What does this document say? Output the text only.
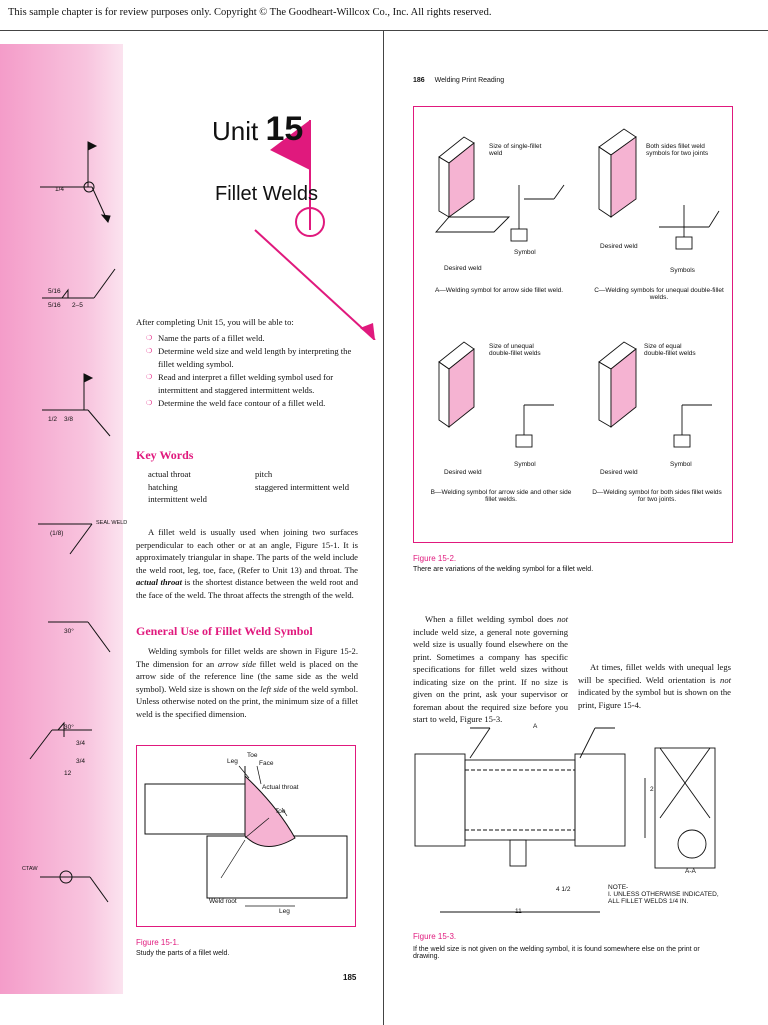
This sample chapter is for review purposes only. Copyright © The Goodheart-Willcox Co., Inc. All rights reserved.
1/4
5/16
5/16 2–5
1/2 3/8
SEAL WELD
(1/8)
30°
30°
3/4
3/4
12
CTAW
Unit 15
Fillet Welds

After completing Unit 15, you will be able to:

❍ Name the parts of a fillet weld.
❍ Determine weld size and weld length by interpreting the fillet welding symbol.
❍ Read and interpret a fillet welding symbol used for intermittent and staggered intermittent welds.
❍ Determine the weld face contour of a fillet weld.
Key Words

actual throat

hatching

intermittent weld

pitch

staggered intermittent weld

A fillet weld is usually used when joining two surfaces perpendicular to each other or at an angle, Figure 15-1. It is approximately triangular in shape. The parts of the weld include the weld root, leg, toe, face, (Refer to Unit 13) and throat. The actual throat is the shortest distance between the weld root and the face of the weld. The throat affects the strength of the weld.
General Use of Fillet Weld Symbol
Welding symbols for fillet welds are shown in Figure 15-2. The dimension for an arrow side fillet weld is placed on the arrow side of the reference line (the same side as the weld symbol). Weld size is shown on the left side of the weld symbol. Unless otherwise noted on the print, the minimum size of a fillet weld is the specified dimension.
Leg
Toe
Face
Actual throat
Toe
Weld root
Leg
Figure 15-1.
Study the parts of a fillet weld.
185
186 Welding Print Reading
Size of single-fillet weld
Desired weld
Symbol
A—Welding symbol for arrow side fillet weld.
Both sides fillet weld symbols for two joints
Desired weld
Symbols
C—Welding symbols for unequal double-fillet welds.
Size of unequal double-fillet welds
Desired weld
Symbol
B—Welding symbol for arrow side and other side fillet welds.
Size of equal double-fillet welds
Desired weld
Symbol
D—Welding symbol for both sides fillet welds for two joints.
Figure 15-2.
There are variations of the welding symbol for a fillet weld.
When a fillet welding symbol does not include weld size, a general note governing weld size is usually found elsewhere on the print. Sometimes a company has specific specifications for fillet weld sizes without indicating size on the print. If no size is given on the print, ask your supervisor or foreman about the required size before you start to weld, Figure 15-3.
At times, fillet welds with unequal legs will be specified. Weld orientation is not indicated by the symbol but is shown on the print, Figure 15-4.
A
A-A
11
4 1/2
2
NOTE-
I. UNLESS OTHERWISE INDICATED, ALL FILLET WELDS 1/4 IN.
Figure 15-3.
If the weld size is not given on the welding symbol, it is found somewhere else on the print or drawing.
